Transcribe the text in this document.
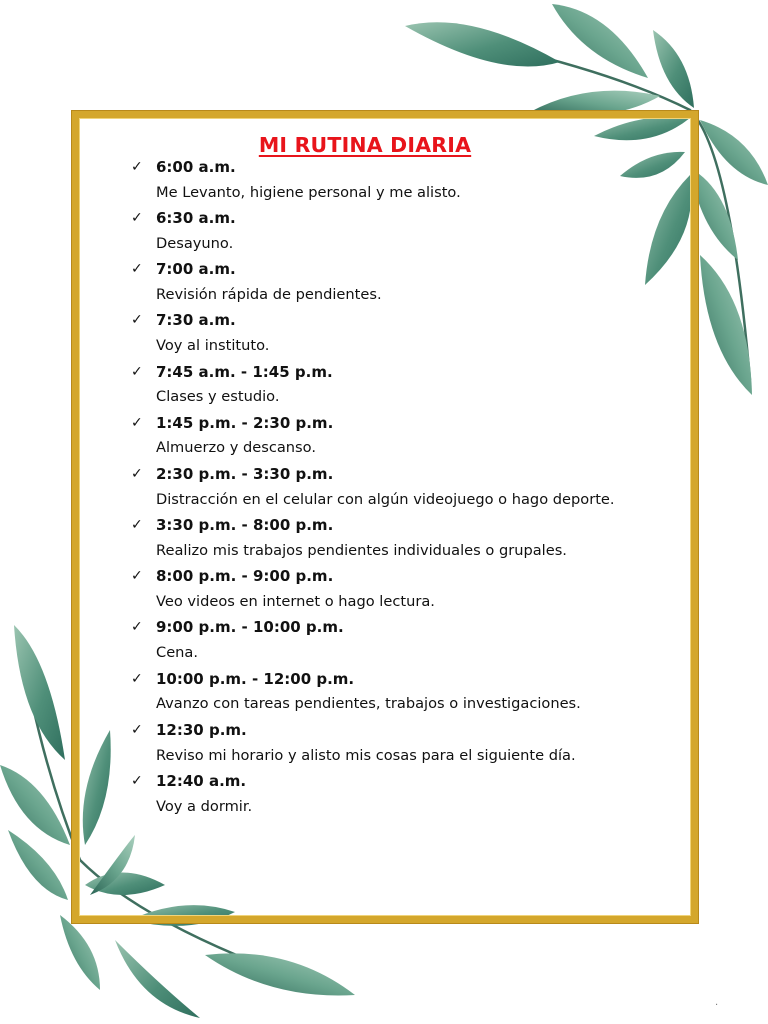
MI RUTINA DIARIA
✓ 6:00 a.m.
Me Levanto, higiene personal y me alisto.
✓ 6:30 a.m.
Desayuno.
✓ 7:00 a.m.
Revisión rápida de pendientes.
✓ 7:30 a.m.
Voy al instituto.
✓ 7:45 a.m. - 1:45 p.m.
Clases y estudio.
✓ 1:45 p.m. - 2:30 p.m.
Almuerzo y descanso.
✓ 2:30 p.m. - 3:30 p.m.
Distracción en el celular con algún videojuego o hago deporte.
✓ 3:30 p.m. - 8:00 p.m.
Realizo mis trabajos pendientes individuales o grupales.
✓ 8:00 p.m. - 9:00 p.m.
Veo videos en internet o hago lectura.
✓ 9:00 p.m. - 10:00 p.m.
Cena.
✓ 10:00 p.m. - 12:00 p.m.
Avanzo con tareas pendientes, trabajos o investigaciones.
✓ 12:30 p.m.
Reviso mi horario y alisto mis cosas para el siguiente día.
✓ 12:40 a.m.
Voy a dormir.
·
